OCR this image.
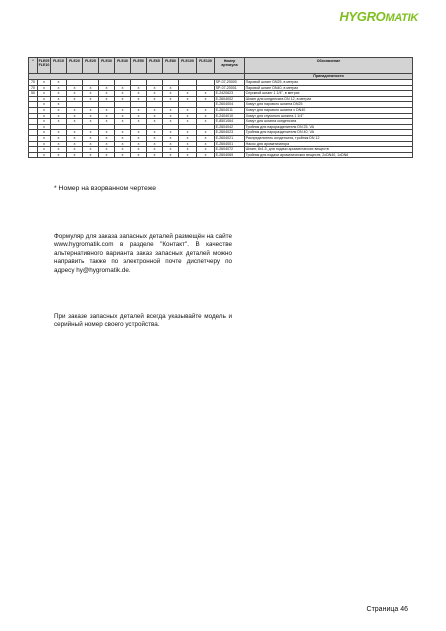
HYGRO MATIK
*	FLE05 FLE10	FLE15	FLE20	FLE25	FLE30	FLE40	FLE50	FLE65	FLE80	FLE100	FLE130	Номер артикула	Обозначение
													Принадлежности
70	x	x										SP-07-20000	Паровой шланг DN25, в метрах
70	x	x	x	x	x	x	x	x	x			SP-07-20001	Паровой шланг DN40, в метрах
50	x	x	x	x	x	x	x	x	x	x	x	E-2420623	Спускной шланг 1 1/4", в метрах
	x	x	x	x	x	x	x	x	x	x	x	E-2604002	Шланг для конденсата DN 12, в метрах
	x	x										E-2604004	Хомут для парового шланга DN25
	x	x	x	x	x	x	x	x	x	x	x	E-2604011	Хомут для парового шланга x DN40
	x	x	x	x	x	x	x	x	x	x	x	E-2404010	Хомут для спускного шланга 1 1/4"
	x	x	x	x	x	x	x	x	x	x	x	E-8501064	Хомут для шланга конденсата
	x											E-2604042	Тройник для пароразделителя DN 25, VA
	x	x	x	x	x	x	x	x	x	x	x	E-2604023	Тройник для пароразделителя DN 40, VA
	x	x	x	x	x	x	x	x	x	x	x	E-2604021	Распределитель конденсата, тройник DN 12
	x	x	x	x	x	x	x	x	x	x	x	E-2604001	Насос для ароматизатора
	x	x	x	x	x	x	x	x	x	x	x	E-2604072	Шланг, 8x1.5, для подачи ароматических веществ
	x	x	x	x	x	x	x	x	x	x	x	E-2604069	Тройник для подачи ароматических веществ, 2xDN40, 1xDN6
* Номер на взорванном чертеже

Формуляр для заказа запасных деталей размещён на сайте www.hygromatik.com в разделе "Контакт". В качестве альтернативного варианта заказ запасных деталей можно направить также по электронной почте диспетчеру по адресу hy@hygromatik.de.

При заказе запасных деталей всегда указывайте модель и серийный номер своего устройства.

Страница 46
